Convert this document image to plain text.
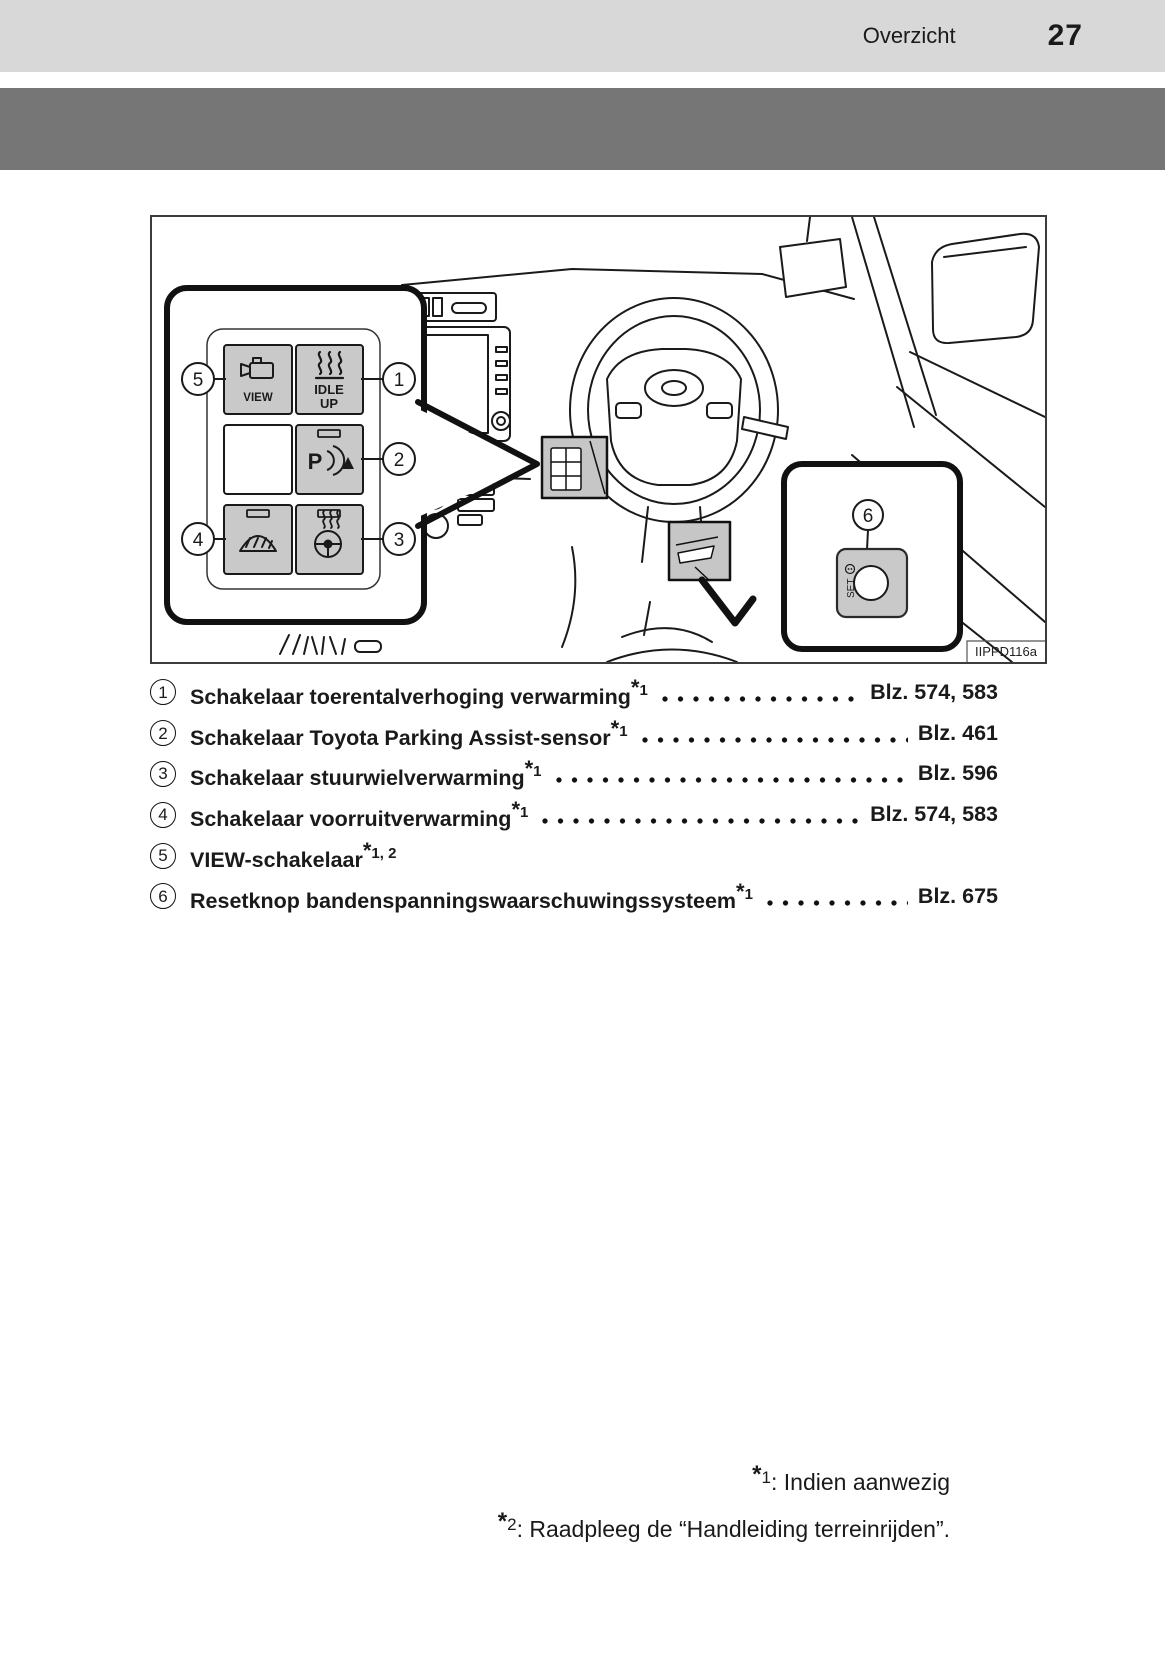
Overzicht	27
VIEW
IDLE
UP
P
5	1
2
4	3
6
SET
IIPPD116a
1	Schakelaar toerentalverhoging verwarming*$^1$	Blz. 574, 583
2	Schakelaar Toyota Parking Assist-sensor*$^1$	Blz. 461
3	Schakelaar stuurwielverwarming*$^1$	Blz. 596
4	Schakelaar voorruitverwarming*$^1$	Blz. 574, 583
5	VIEW-schakelaar*$^{1, 2}$
6	Resetknop bandenspanningswaarschuwingssysteem*$^1$	Blz. 675
*$^1$: Indien aanwezig
*$^2$: Raadpleeg de “Handleiding terreinrijden”.
